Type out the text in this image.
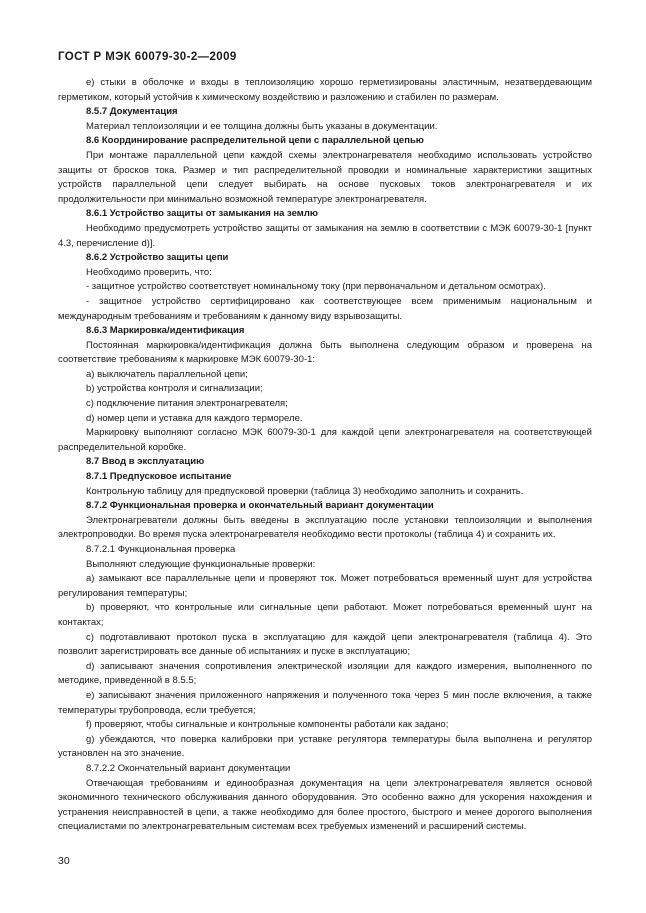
ГОСТ Р МЭК 60079-30-2—2009

е) стыки в оболочке и входы в теплоизоляцию хорошо герметизированы эластичным, незатвердевающим герметиком, который устойчив к химическому воздействию и разложению и стабилен по размерам.

8.5.7 Документация

Материал теплоизоляции и ее толщина должны быть указаны в документации.

8.6 Координирование распределительной цепи с параллельной цепью

При монтаже параллельной цепи каждой схемы электронагревателя необходимо использовать устройство защиты от бросков тока. Размер и тип распределительной проводки и номинальные характеристики защитных устройств параллельной цепи следует выбирать на основе пусковых токов электронагревателя и их продолжительности при минимально возможной температуре электронагревателя.

8.6.1 Устройство защиты от замыкания на землю

Необходимо предусмотреть устройство защиты от замыкания на землю в соответствии с МЭК 60079-30-1 [пункт 4.3, перечисление d)].

8.6.2 Устройство защиты цепи

Необходимо проверить, что:

- защитное устройство соответствует номинальному току (при первоначальном и детальном осмотрах).

- защитное устройство сертифицировано как соответствующее всем применимым национальным и международным требованиям и требованиям к данному виду взрывозащиты.

8.6.3 Маркировка/идентификация

Постоянная маркировка/идентификация должна быть выполнена следующим образом и проверена на соответствие требованиям к маркировке МЭК 60079-30-1:

а) выключатель параллельной цепи;

b) устройства контроля и сигнализации;

с) подключение питания электронагревателя;

d) номер цепи и уставка для каждого термореле.

Маркировку выполняют согласно МЭК 60079-30-1 для каждой цепи электронагревателя на соответствующей распределительной коробке.

8.7 Ввод в эксплуатацию

8.7.1 Предпусковое испытание

Контрольную таблицу для предпусковой проверки (таблица 3) необходимо заполнить и сохранить.

8.7.2 Функциональная проверка и окончательный вариант документации

Электронагреватели должны быть введены в эксплуатацию после установки теплоизоляции и выполнения электропроводки. Во время пуска электронагревателя необходимо вести протоколы (таблица 4) и сохранить их.

8.7.2.1 Функциональная проверка

Выполняют следующие функциональные проверки:

а) замыкают все параллельные цепи и проверяют ток. Может потребоваться временный шунт для устройства регулирования температуры;

b) проверяют, что контрольные или сигнальные цепи работают. Может потребоваться временный шунт на контактах;

с) подготавливают протокол пуска в эксплуатацию для каждой цепи электронагревателя (таблица 4). Это позволит зарегистрировать все данные об испытаниях и пуске в эксплуатацию;

d) записывают значения сопротивления электрической изоляции для каждого измерения, выполненного по методике, приведенной в 8.5.5;

е) записывают значения приложенного напряжения и полученного тока через 5 мин после включения, а также температуры трубопровода, если требуется;

f) проверяют, чтобы сигнальные и контрольные компоненты работали как задано;

g) убеждаются, что поверка калибровки при уставке регулятора температуры была выполнена и регулятор установлен на это значение.

8.7.2.2 Окончательный вариант документации

Отвечающая требованиям и единообразная документация на цепи электронагревателя является основой экономичного технического обслуживания данного оборудования. Это особенно важно для ускорения нахождения и устранения неисправностей в цепи, а также необходимо для более простого, быстрого и менее дорогого выполнения специалистами по электронагревательным системам всех требуемых изменений и расширений системы.

30
